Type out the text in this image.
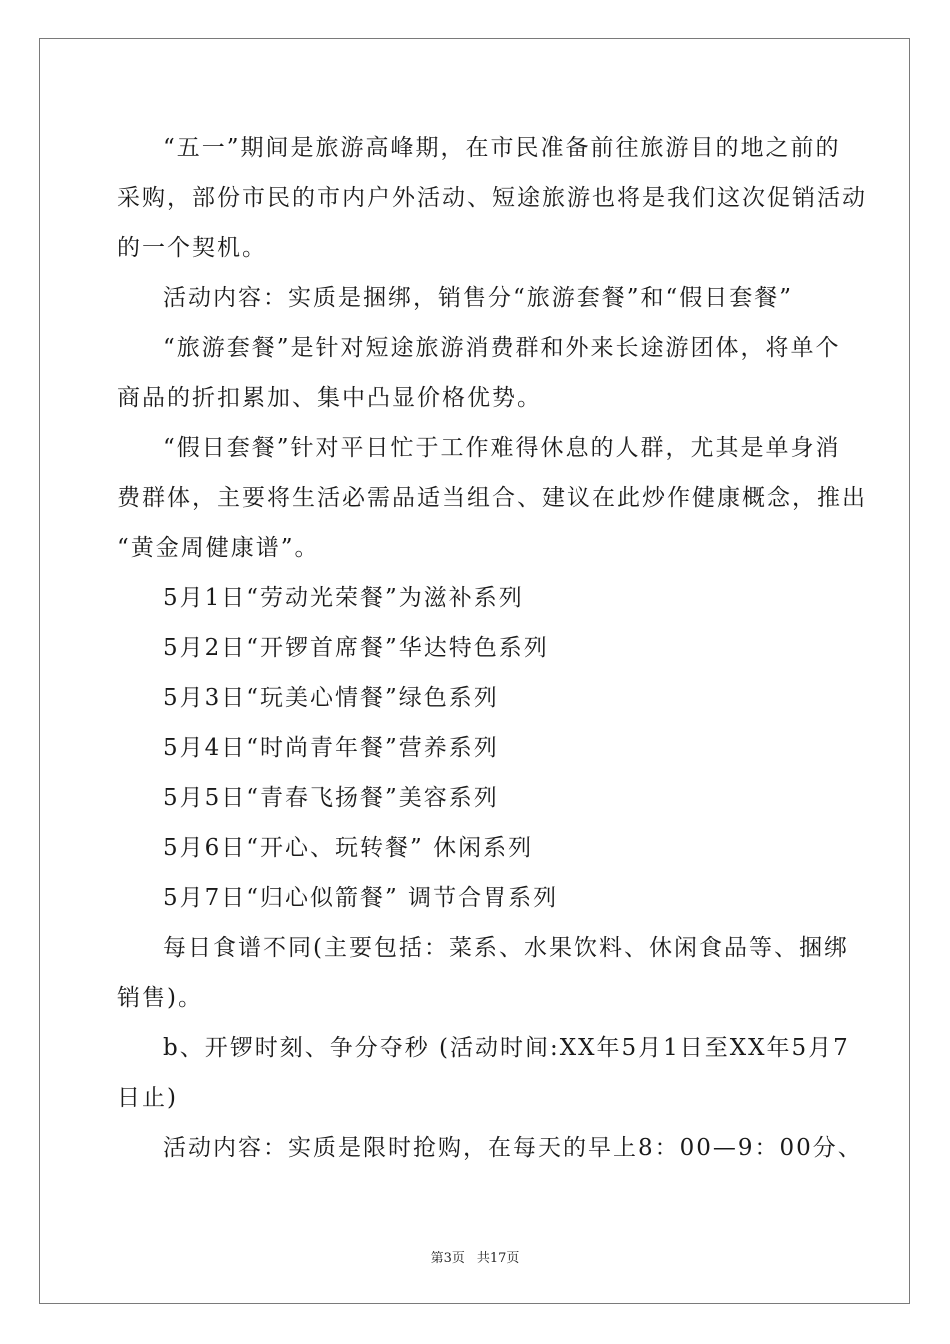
“五一”期间是旅游高峰期，在市民准备前往旅游目的地之前的
采购，部份市民的市内户外活动、短途旅游也将是我们这次促销活动
的一个契机。
活动内容：实质是捆绑，销售分“旅游套餐”和“假日套餐”
“旅游套餐”是针对短途旅游消费群和外来长途游团体，将单个
商品的折扣累加、集中凸显价格优势。
“假日套餐”针对平日忙于工作难得休息的人群，尤其是单身消
费群体，主要将生活必需品适当组合、建议在此炒作健康概念，推出
“黄金周健康谱”。
5月1日“劳动光荣餐”为滋补系列
5月2日“开锣首席餐”华达特色系列
5月3日“玩美心情餐”绿色系列
5月4日“时尚青年餐”营养系列
5月5日“青春飞扬餐”美容系列
5月6日“开心、玩转餐” 休闲系列
5月7日“归心似箭餐” 调节合胃系列
每日食谱不同(主要包括：菜系、水果饮料、休闲食品等、捆绑
销售)。
b、开锣时刻、争分夺秒 (活动时间:XX年5月1日至XX年5月7
日止)
活动内容：实质是限时抢购，在每天的早上8：00—9：00分、
第3页 共17页
